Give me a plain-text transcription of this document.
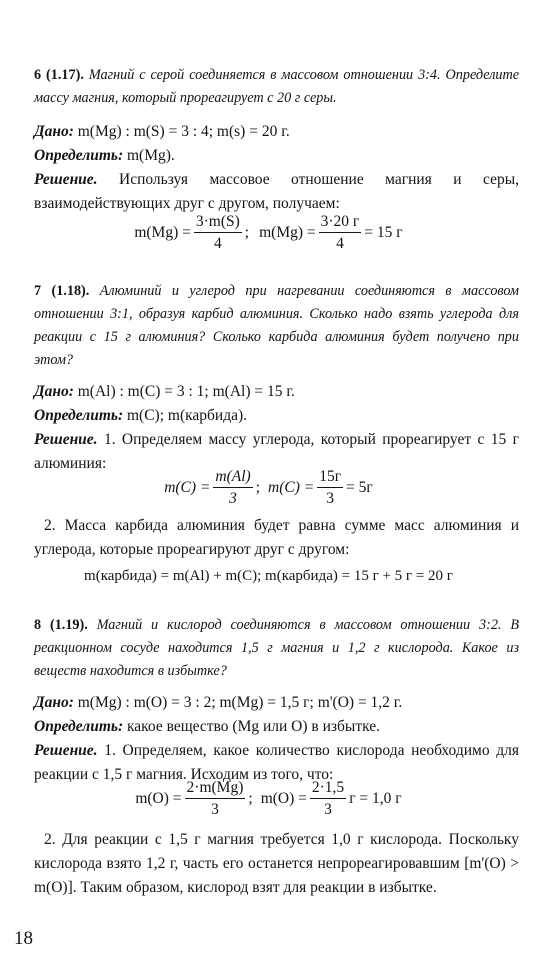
6 (1.17). Магний с серой соединяется в массовом отношении 3:4. Определите массу магния, который прореагирует с 20 г серы.

Дано: m(Mg) : m(S) = 3 : 4; m(s) = 20 г.

Определить: m(Mg).

Решение. Используя массовое отношение магния и серы, взаимодействующих друг с другом, получаем:

$m(Mg) = \frac{3\cdot m(S)}{4}$ ; $m(Mg) = \frac{3\cdot 20 г}{4} = 15$ г

7 (1.18). Алюминий и углерод при нагревании соединяются в массовом отношении 3:1, образуя карбид алюминия. Сколько надо взять углерода для реакции с 15 г алюминия? Сколько карбида алюминия будет получено при этом?

Дано: m(Al) : m(C) = 3 : 1; m(Al) = 15 г.

Определить: m(C); m(карбида).

Решение. 1. Определяем массу углерода, который прореагирует с 15 г алюминия:

$m(C) = \frac{m(Al)}{3}$ ; $m(C) = \frac{15г}{3} = 5г$

2. Масса карбида алюминия будет равна сумме масс алюминия и углерода, которые прореагируют друг с другом:

m(карбида) = m(Al) + m(C); m(карбида) = 15 г + 5 г = 20 г

8 (1.19). Магний и кислород соединяются в массовом отношении 3:2. В реакционном сосуде находится 1,5 г магния и 1,2 г кислорода. Какое из веществ находится в избытке?

Дано: m(Mg) : m(O) = 3 : 2; m(Mg) = 1,5 г; m'(O) = 1,2 г.

Определить: какое вещество (Mg или O) в избытке.

Решение. 1. Определяем, какое количество кислорода необходимо для реакции с 1,5 г магния. Исходим из того, что:

$m(O) = \frac{2\cdot m(Mg)}{3}$ ; $m(O) = \frac{2\cdot 1,5}{3}$ г = 1,0 г

2. Для реакции с 1,5 г магния требуется 1,0 г кислорода. Поскольку кислорода взято 1,2 г, часть его останется непрореагировавшим [m'(O) > m(O)]. Таким образом, кислород взят для реакции в избытке.

18
